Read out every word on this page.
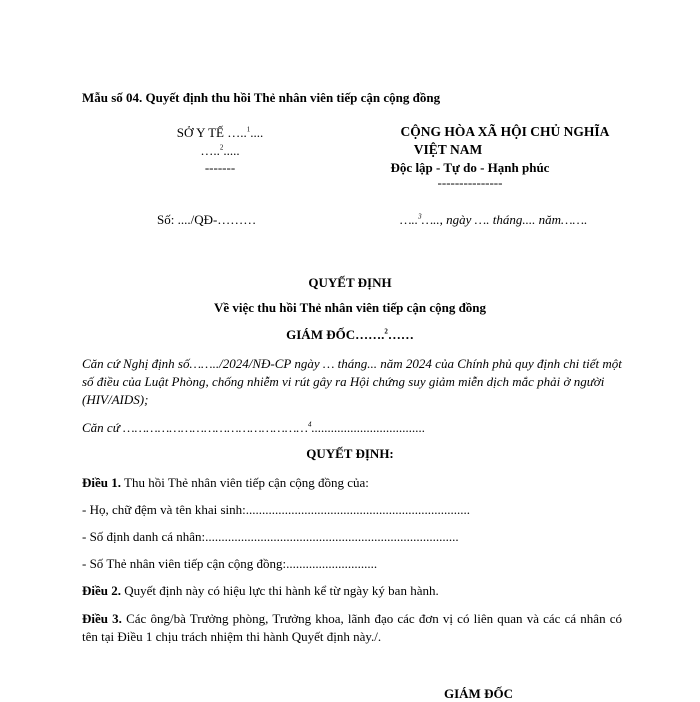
Mẫu số 04. Quyết định thu hồi Thẻ nhân viên tiếp cận cộng đồng
SỞ Y TẾ …..$^1$....
…..$^2$.....
-------
CỘNG HÒA XÃ HỘI CHỦ NGHĨA
VIỆT NAM
Độc lập - Tự do - Hạnh phúc
---------------
Số: ..../QĐ-………	…..$^3$….., ngày …. tháng.... năm…….
QUYẾT ĐỊNH
Về việc thu hồi Thẻ nhân viên tiếp cận cộng đồng
GIÁM ĐỐC…….$^2$……
Căn cứ Nghị định số……../2024/NĐ-CP ngày … tháng... năm 2024 của Chính phủ quy định chi tiết một số điều của Luật Phòng, chống nhiễm vi rút gây ra Hội chứng suy giảm miễn dịch mắc phải ở người (HIV/AIDS);
Căn cứ …………………………………………$^4$...................................
QUYẾT ĐỊNH:
Điều 1. Thu hồi Thẻ nhân viên tiếp cận cộng đồng của:
- Họ, chữ đệm và tên khai sinh:.....................................................................
- Số định danh cá nhân:..............................................................................
- Số Thẻ nhân viên tiếp cận cộng đồng:............................
Điều 2. Quyết định này có hiệu lực thi hành kể từ ngày ký ban hành.
Điều 3. Các ông/bà Trưởng phòng, Trưởng khoa, lãnh đạo các đơn vị có liên quan và các cá nhân có tên tại Điều 1 chịu trách nhiệm thi hành Quyết định này./.
GIÁM ĐỐC
